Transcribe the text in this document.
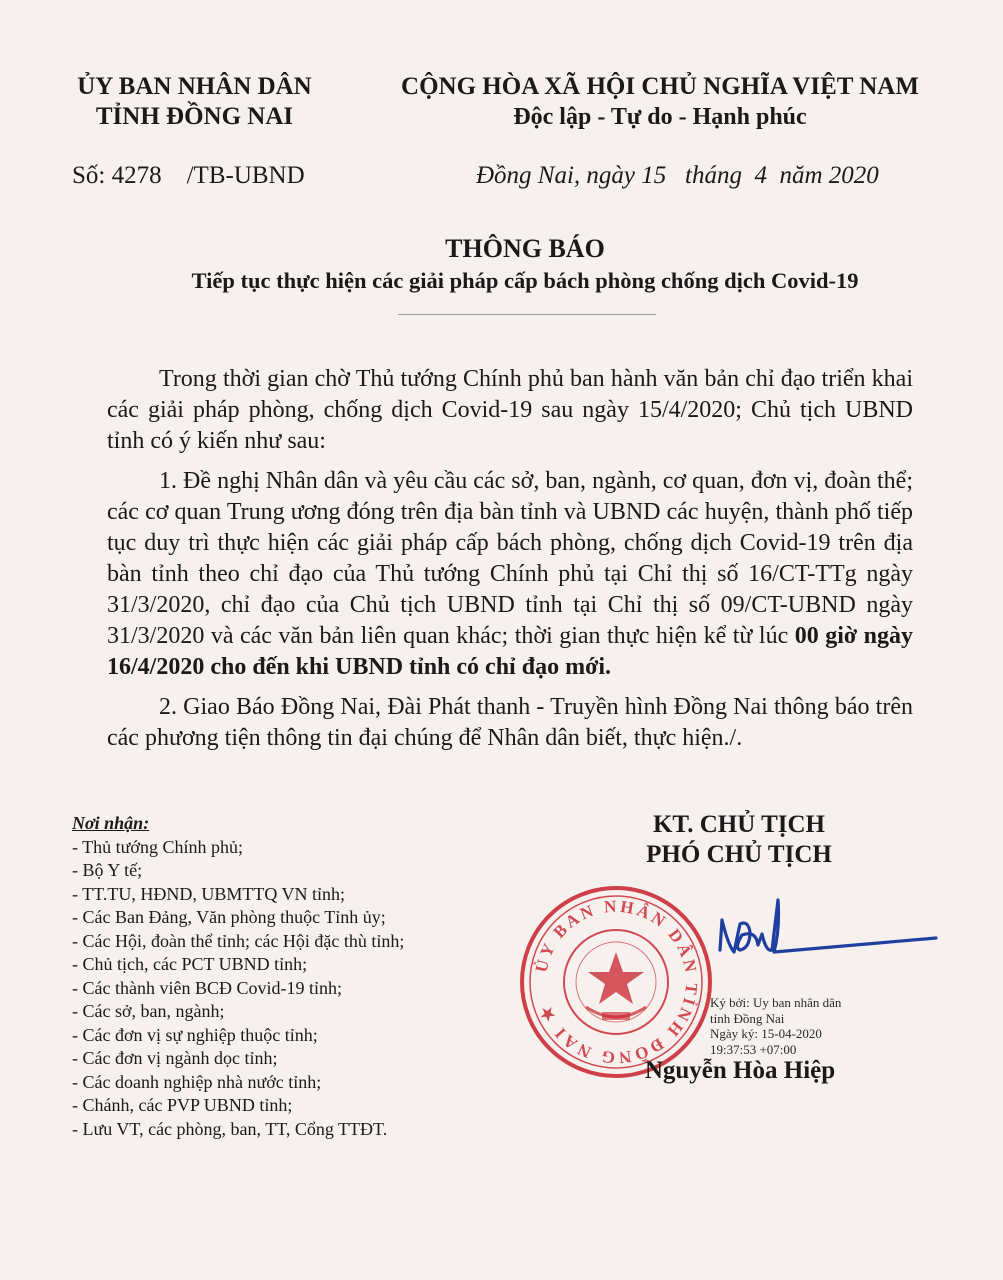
ỦY BAN NHÂN DÂN
TỈNH ĐỒNG NAI
CỘNG HÒA XÃ HỘI CHỦ NGHĨA VIỆT NAM
Độc lập - Tự do - Hạnh phúc
Số: 4278    /TB-UBND	Đồng Nai, ngày 15   tháng  4  năm 2020
THÔNG BÁO
Tiếp tục thực hiện các giải pháp cấp bách phòng chống dịch Covid-19

Trong thời gian chờ Thủ tướng Chính phủ ban hành văn bản chỉ đạo triển khai các giải pháp phòng, chống dịch Covid-19 sau ngày 15/4/2020; Chủ tịch UBND tỉnh có ý kiến như sau:

1. Đề nghị Nhân dân và yêu cầu các sở, ban, ngành, cơ quan, đơn vị, đoàn thể; các cơ quan Trung ương đóng trên địa bàn tỉnh và UBND các huyện, thành phố tiếp tục duy trì thực hiện các giải pháp cấp bách phòng, chống dịch Covid-19 trên địa bàn tỉnh theo chỉ đạo của Thủ tướng Chính phủ tại Chỉ thị số 16/CT-TTg ngày 31/3/2020, chỉ đạo của Chủ tịch UBND tỉnh tại Chỉ thị số 09/CT-UBND ngày 31/3/2020 và các văn bản liên quan khác; thời gian thực hiện kể từ lúc 00 giờ ngày 16/4/2020 cho đến khi UBND tỉnh có chỉ đạo mới.

2. Giao Báo Đồng Nai, Đài Phát thanh - Truyền hình Đồng Nai thông báo trên các phương tiện thông tin đại chúng để Nhân dân biết, thực hiện./.

Nơi nhận:
- Thủ tướng Chính phủ;
- Bộ Y tế;
- TT.TU, HĐND, UBMTTQ VN tỉnh;
- Các Ban Đảng, Văn phòng thuộc Tỉnh ủy;
- Các Hội, đoàn thể tỉnh; các Hội đặc thù tỉnh;
- Chủ tịch, các PCT UBND tỉnh;
- Các thành viên BCĐ Covid-19 tỉnh;
- Các sở, ban, ngành;
- Các đơn vị sự nghiệp thuộc tỉnh;
- Các đơn vị ngành dọc tỉnh;
- Các doanh nghiệp nhà nước tỉnh;
- Chánh, các PVP UBND tỉnh;
- Lưu VT, các phòng, ban, TT, Cổng TTĐT.
KT. CHỦ TỊCH
PHÓ CHỦ TỊCH
ỦY BAN NHÂN DÂN TỈNH ĐỒNG NAI ★	Ký bởi: Uy ban nhân dân
tỉnh Đồng Nai
Ngày ký: 15-04-2020
19:37:53 +07:00
Nguyễn Hòa Hiệp
